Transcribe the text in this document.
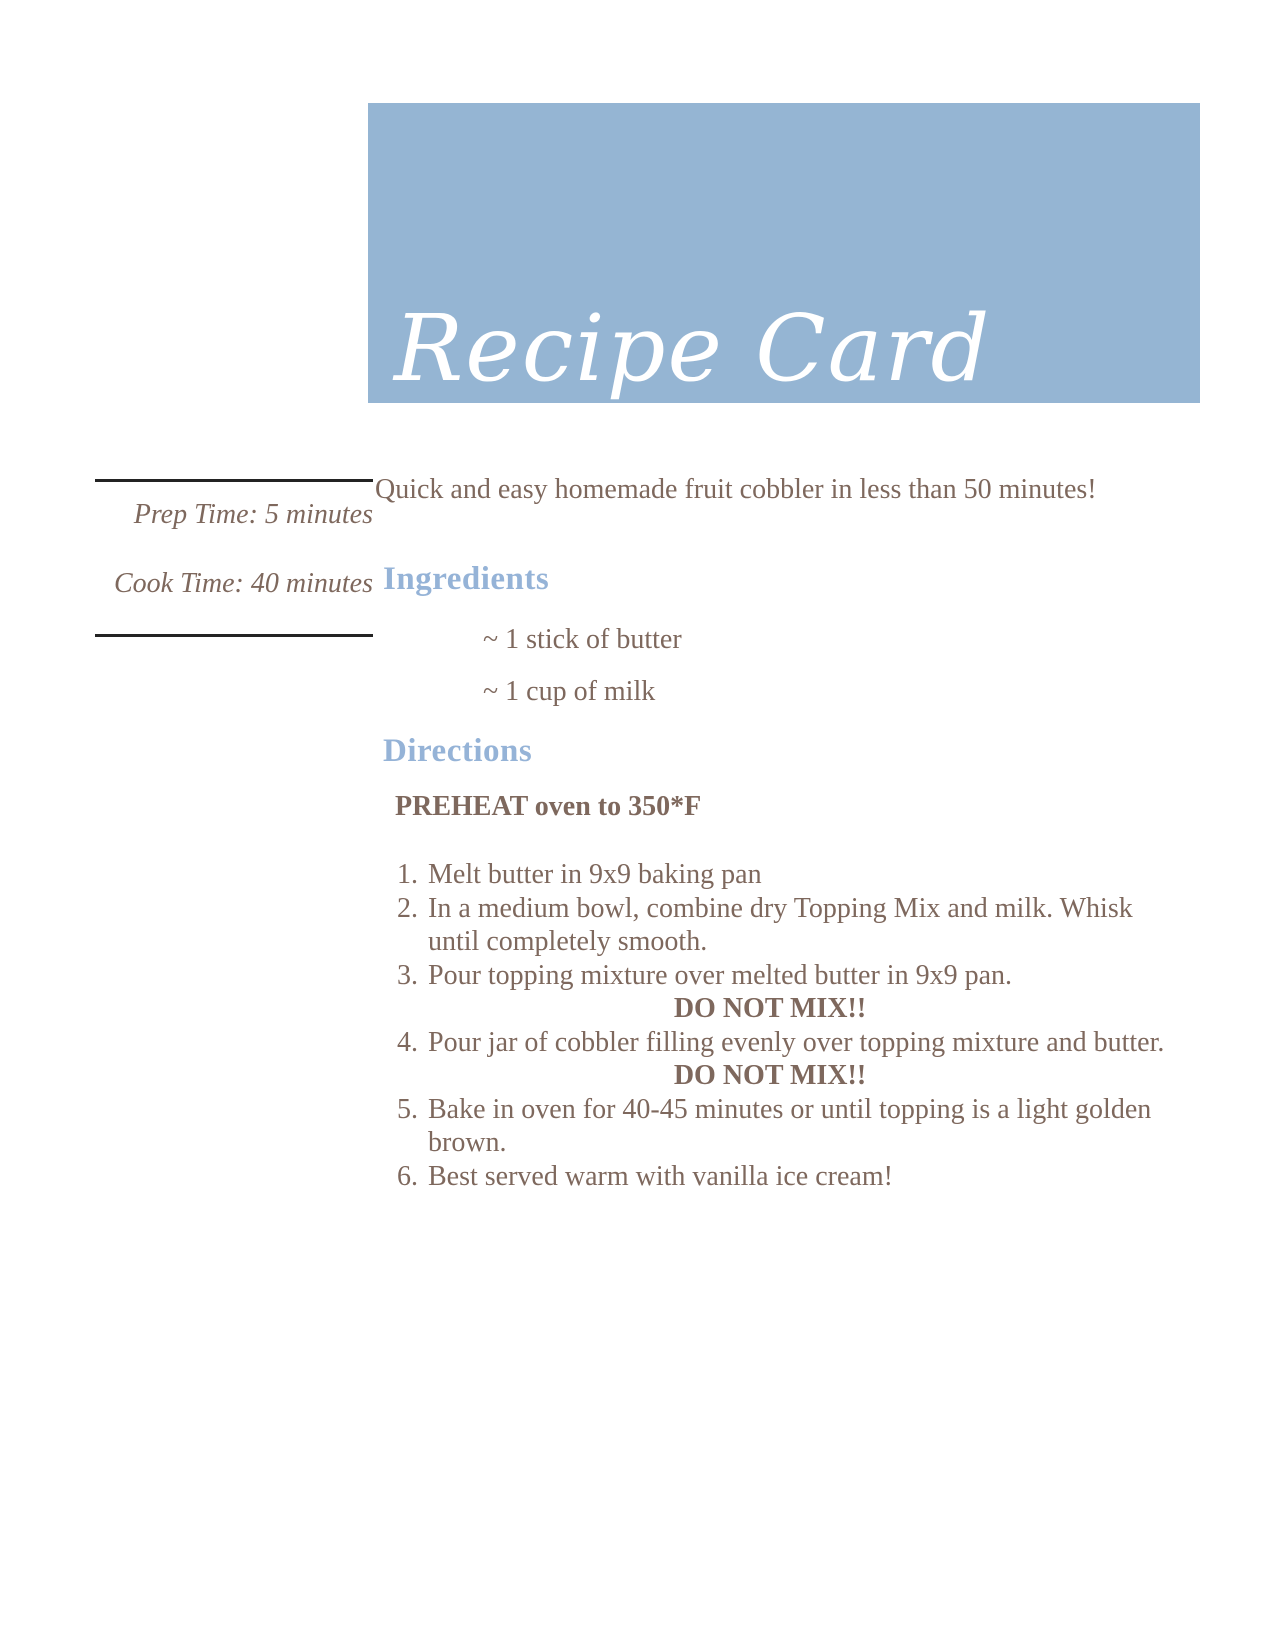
Recipe Card
Prep Time: 5 minutes
Cook Time: 40 minutes
Quick and easy homemade fruit cobbler in less than 50 minutes!
Ingredients
~ 1 stick of butter
~ 1 cup of milk
Directions
PREHEAT oven to 350*F
1. Melt butter in 9x9 baking pan
2. In a medium bowl, combine dry Topping Mix and milk. Whisk until completely smooth.
3. Pour topping mixture over melted butter in 9x9 pan.
DO NOT MIX!!
4. Pour jar of cobbler filling evenly over topping mixture and butter.
DO NOT MIX!!
5. Bake in oven for 40-45 minutes or until topping is a light golden brown.
6. Best served warm with vanilla ice cream!
